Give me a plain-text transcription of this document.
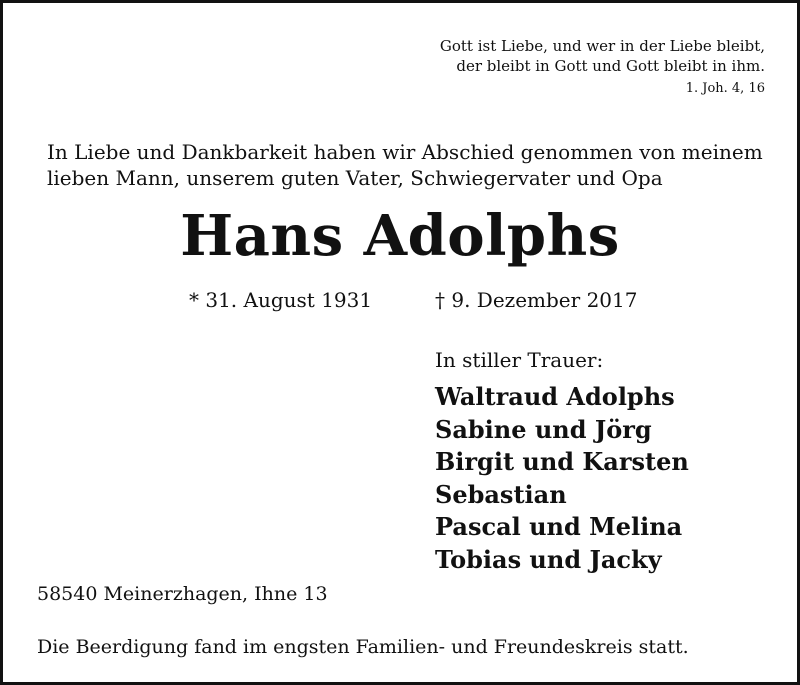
Gott ist Liebe, und wer in der Liebe bleibt,
der bleibt in Gott und Gott bleibt in ihm.
1. Joh. 4, 16
In Liebe und Dankbarkeit haben wir Abschied genommen von meinem
lieben Mann, unserem guten Vater, Schwiegervater und Opa
Hans Adolphs
* 31. August 1931	† 9. Dezember 2017
In stiller Trauer:
Waltraud Adolphs
Sabine und Jörg
Birgit und Karsten
Sebastian
Pascal und Melina
Tobias und Jacky
58540 Meinerzhagen, Ihne 13
Die Beerdigung fand im engsten Familien- und Freundeskreis statt.
